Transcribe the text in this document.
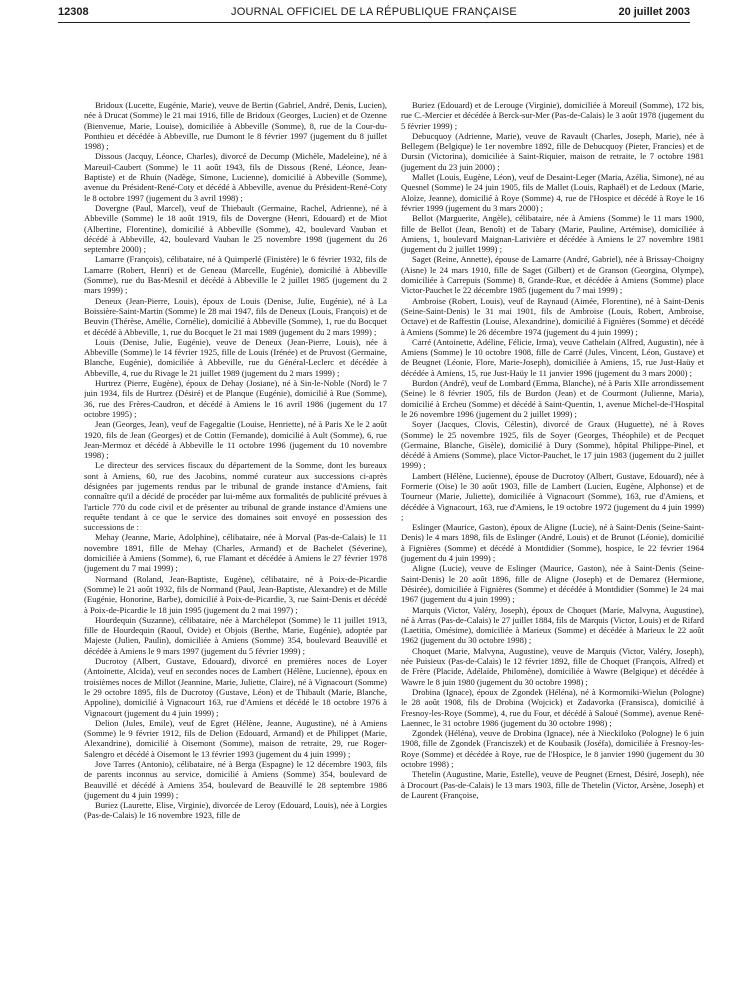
12308	JOURNAL OFFICIEL DE LA RÉPUBLIQUE FRANÇAISE	20 juillet 2003

Bridoux (Lucette, Eugénie, Marie), veuve de Bertin (Gabriel, André, Denis, Lucien), née à Drucat (Somme) le 21 mai 1916, fille de Bridoux (Georges, Lucien) et de Ozenne (Bienvenue, Marie, Louise), domiciliée à Abbeville (Somme), 8, rue de la Cour-du-Ponthieu et décédée à Abbeville, rue Dumont le 8 février 1997 (jugement du 8 juillet 1998) ;

Dissous (Jacquy, Léonce, Charles), divorcé de Decump (Michèle, Madeleine), né à Mareuil-Caubert (Somme) le 11 août 1943, fils de Dissous (René, Léonce, Jean-Baptiste) et de Rhuin (Nadège, Simone, Lucienne), domicilié à Abbeville (Somme), avenue du Président-René-Coty et décédé à Abbeville, avenue du Président-René-Coty le 8 octobre 1997 (jugement du 3 avril 1998) ;

Dovergne (Paul, Marcel), veuf de Thiebault (Germaine, Rachel, Adrienne), né à Abbeville (Somme) le 18 août 1919, fils de Dovergne (Henri, Edouard) et de Miot (Albertine, Florentine), domicilié à Abbeville (Somme), 42, boulevard Vauban et décédé à Abbeville, 42, boulevard Vauban le 25 novembre 1998 (jugement du 26 septembre 2000) ;

Lamarre (François), célibataire, né à Quimperlé (Finistère) le 6 février 1932, fils de Lamarre (Robert, Henri) et de Geneau (Marcelle, Eugénie), domicilié à Abbeville (Somme), rue du Bas-Mesnil et décédé à Abbeville le 2 juillet 1985 (jugement du 2 mars 1999) ;

Deneux (Jean-Pierre, Louis), époux de Louis (Denise, Julie, Eugénie), né à La Boissière-Saint-Martin (Somme) le 28 mai 1947, fils de Deneux (Louis, François) et de Beuvin (Thérèse, Amélie, Cornélie), domicilié à Abbeville (Somme), 1, rue du Bocquet et décédé à Abbeville, 1, rue du Bocquet le 21 mai 1989 (jugement du 2 mars 1999) ;

Louis (Denise, Julie, Eugénie), veuve de Deneux (Jean-Pierre, Louis), née à Abbeville (Somme) le 14 février 1925, fille de Louis (Irénée) et de Pruvost (Germaine, Blanche, Eugénie), domiciliée à Abbeville, rue du Général-Leclerc et décédée à Abbeville, 4, rue du Rivage le 21 juillet 1989 (jugement du 2 mars 1999) ;

Hurtrez (Pierre, Eugène), époux de Dehay (Josiane), né à Sin-le-Noble (Nord) le 7 juin 1934, fils de Hurtrez (Désiré) et de Planque (Eugénie), domicilié à Rue (Somme), 36, rue des Frères-Caudron, et décédé à Amiens le 16 avril 1986 (jugement du 17 octobre 1995) ;

Jean (Georges, Jean), veuf de Fagegaltie (Louise, Henriette), né à Paris Xe le 2 août 1920, fils de Jean (Georges) et de Cottin (Fernande), domicilié à Ault (Somme), 6, rue Jean-Mermoz et décédé à Abbeville le 11 octobre 1996 (jugement du 10 novembre 1998) ;

Le directeur des services fiscaux du département de la Somme, dont les bureaux sont à Amiens, 60, rue des Jacobins, nommé curateur aux successions ci-après désignées par jugements rendus par le tribunal de grande instance d'Amiens, fait connaître qu'il a décidé de procéder par lui-même aux formalités de publicité prévues à l'article 770 du code civil et de présenter au tribunal de grande instance d'Amiens une requête tendant à ce que le service des domaines soit envoyé en possession des successions de :

Mehay (Jeanne, Marie, Adolphine), célibataire, née à Morval (Pas-de-Calais) le 11 novembre 1891, fille de Mehay (Charles, Armand) et de Bachelet (Séverine), domiciliée à Amiens (Somme), 6, rue Flamant et décédée à Amiens le 27 février 1978 (jugement du 7 mai 1999) ;

Normand (Roland, Jean-Baptiste, Eugène), célibataire, né à Poix-de-Picardie (Somme) le 21 août 1932, fils de Normand (Paul, Jean-Baptiste, Alexandre) et de Mille (Eugénie, Honorine, Barbe), domicilié à Poix-de-Picardie, 3, rue Saint-Denis et décédé à Poix-de-Picardie le 18 juin 1995 (jugement du 2 mai 1997) ;

Hourdequin (Suzanne), célibataire, née à Marchélepot (Somme) le 11 juillet 1913, fille de Hourdequin (Raoul, Ovide) et Objois (Berthe, Marie, Eugénie), adoptée par Majeste (Julien, Paulin), domiciliée à Amiens (Somme) 354, boulevard Beauvillé et décédée à Amiens le 9 mars 1997 (jugement du 5 février 1999) ;

Ducrotoy (Albert, Gustave, Edouard), divorcé en premières noces de Loyer (Antoinette, Alcida), veuf en secondes noces de Lambert (Hélène, Lucienne), époux en troisièmes noces de Millot (Jeannine, Marie, Juliette, Claire), né à Vignacourt (Somme) le 29 octobre 1895, fils de Ducrotoy (Gustave, Léon) et de Thibault (Marie, Blanche, Appoline), domicilié à Vignacourt 163, rue d'Amiens et décédé le 18 octobre 1976 à Vignacourt (jugement du 4 juin 1999) ;

Delion (Jules, Emile), veuf de Egret (Hélène, Jeanne, Augustine), né à Amiens (Somme) le 9 février 1912, fils de Delion (Edouard, Armand) et de Philippet (Marie, Alexandrine), domicilié à Oisemont (Somme), maison de retraite, 29, rue Roger-Salengro et décédé à Oisemont le 13 février 1993 (jugement du 4 juin 1999) ;

Jove Tarres (Antonio), célibataire, né à Berga (Espagne) le 12 décembre 1903, fils de parents inconnus au service, domicilié à Amiens (Somme) 354, boulevard de Beauvillé et décédé à Amiens 354, boulevard de Beauvillé le 28 septembre 1986 (jugement du 4 juin 1999) ;

Buriez (Laurette, Elise, Virginie), divorcée de Leroy (Edouard, Louis), née à Lorgies (Pas-de-Calais) le 16 novembre 1923, fille de

Buriez (Edouard) et de Lerouge (Virginie), domiciliée à Moreuil (Somme), 172 bis, rue C.-Mercier et décédée à Berck-sur-Mer (Pas-de-Calais) le 3 août 1978 (jugement du 5 février 1999) ;

Debucquoy (Adrienne, Marie), veuve de Ravault (Charles, Joseph, Marie), née à Bellegem (Belgique) le 1er novembre 1892, fille de Debucquoy (Pieter, Francies) et de Dursin (Victorina), domiciliée à Saint-Riquier, maison de retraite, le 7 octobre 1981 (jugement du 23 juin 2000) ;

Mallet (Louis, Eugène, Léon), veuf de Desaint-Leger (Maria, Azélia, Simone), né au Quesnel (Somme) le 24 juin 1905, fils de Mallet (Louis, Raphaël) et de Ledoux (Marie, Aloïze, Jeanne), domicilié à Roye (Somme) 4, rue de l'Hospice et décédé à Roye le 16 février 1999 (jugement du 3 mars 2000) ;

Bellot (Marguerite, Angèle), célibataire, née à Amiens (Somme) le 11 mars 1900, fille de Bellot (Jean, Benoît) et de Tabary (Marie, Pauline, Artémise), domiciliée à Amiens, 1, boulevard Maignan-Larivière et décédée à Amiens le 27 novembre 1981 (jugement du 2 juillet 1999) ;

Saget (Reine, Annette), épouse de Lamarre (André, Gabriel), née à Brissay-Choigny (Aisne) le 24 mars 1910, fille de Saget (Gilbert) et de Granson (Georgina, Olympe), domiciliée à Carrepuis (Somme) 8, Grande-Rue, et décédée à Amiens (Somme) place Victor-Pauchet le 22 décembre 1985 (jugement du 7 mai 1999) ;

Ambroise (Robert, Louis), veuf de Raynaud (Aimée, Florentine), né à Saint-Denis (Seine-Saint-Denis) le 31 mai 1901, fils de Ambroise (Louis, Robert, Ambroise, Octave) et de Raffestin (Louise, Alexandrine), domicilié à Fignières (Somme) et décédé à Amiens (Somme) le 26 décembre 1974 (jugement du 4 juin 1999) ;

Carré (Antoinette, Adéline, Félicie, Irma), veuve Cathelain (Alfred, Augustin), née à Amiens (Somme) le 10 octobre 1908, fille de Carré (Jules, Vincent, Léon, Gustave) et de Beugnet (Léonie, Flore, Marie-Joseph), domiciliée à Amiens, 15, rue Just-Haüy et décédée à Amiens, 15, rue Just-Haüy le 11 janvier 1996 (jugement du 3 mars 2000) ;

Burdon (André), veuf de Lombard (Emma, Blanche), né à Paris XIIe arrondissement (Seine) le 8 février 1905, fils de Burdon (Jean) et de Courmont (Julienne, Maria), domicilié à Ercheu (Somme) et décédé à Saint-Quentin, 1, avenue Michel-de-l'Hospital le 26 novembre 1996 (jugement du 2 juillet 1999) ;

Soyer (Jacques, Clovis, Célestin), divorcé de Graux (Huguette), né à Roves (Somme) le 25 novembre 1925, fils de Soyer (Georges, Théophile) et de Pecquet (Germaine, Blanche, Gisèle), domicilié à Dury (Somme), hôpital Philippe-Pinel, et décédé à Amiens (Somme), place Victor-Pauchet, le 17 juin 1983 (jugement du 2 juillet 1999) ;

Lambert (Hélène, Lucienne), épouse de Ducrotoy (Albert, Gustave, Edouard), née à Formerie (Oise) le 30 août 1903, fille de Lambert (Lucien, Eugène, Alphonse) et de Tourneur (Marie, Juliette), domiciliée à Vignacourt (Somme), 163, rue d'Amiens, et décédée à Vignacourt, 163, rue d'Amiens, le 19 octobre 1972 (jugement du 4 juin 1999) ;

Eslinger (Maurice, Gaston), époux de Aligne (Lucie), né à Saint-Denis (Seine-Saint-Denis) le 4 mars 1898, fils de Eslinger (André, Louis) et de Brunot (Léonie), domicilié à Fignières (Somme) et décédé à Montdidier (Somme), hospice, le 22 février 1964 (jugement du 4 juin 1999) ;

Aligne (Lucie), veuve de Eslinger (Maurice, Gaston), née à Saint-Denis (Seine-Saint-Denis) le 20 août 1896, fille de Aligne (Joseph) et de Demarez (Hermione, Désirée), domiciliée à Fignières (Somme) et décédée à Montdidier (Somme) le 24 mai 1967 (jugement du 4 juin 1999) ;

Marquis (Victor, Valéry, Joseph), époux de Choquet (Marie, Malvyna, Augustine), né à Arras (Pas-de-Calais) le 27 juillet 1884, fils de Marquis (Victor, Louis) et de Rifard (Laetitia, Omésime), domiciliée à Marieux (Somme) et décédée à Marieux le 22 août 1962 (jugement du 30 octobre 1998) ;

Choquet (Marie, Malvyna, Augustine), veuve de Marquis (Victor, Valéry, Joseph), née Puisieux (Pas-de-Calais) le 12 février 1892, fille de Choquet (François, Alfred) et de Frère (Placide, Adélaïde, Philomène), domiciliée à Wawre (Belgique) et décédée à Wawre le 8 juin 1980 (jugement du 30 octobre 1998) ;

Drobina (Ignace), époux de Zgondek (Héléna), né à Kormorniki-Wielun (Pologne) le 28 août 1908, fils de Drobina (Wojcick) et Zadavorka (Fransisca), domicilié à Fresnoy-les-Roye (Somme), 4, rue du Four, et décédé à Saloué (Somme), avenue René-Laennec, le 31 octobre 1986 (jugement du 30 octobre 1998) ;

Zgondek (Héléna), veuve de Drobina (Ignace), née à Nieckiloko (Pologne) le 6 juin 1908, fille de Zgondek (Franciszek) et de Koubasik (Joséfa), domiciliée à Fresnoy-les-Roye (Somme) et décédée à Roye, rue de l'Hospice, le 8 janvier 1990 (jugement du 30 octobre 1998) ;

Thetelin (Augustine, Marie, Estelle), veuve de Peugnet (Ernest, Désiré, Joseph), née à Drocourt (Pas-de-Calais) le 13 mars 1903, fille de Thetelin (Victor, Arsène, Joseph) et de Laurent (Françoise,
